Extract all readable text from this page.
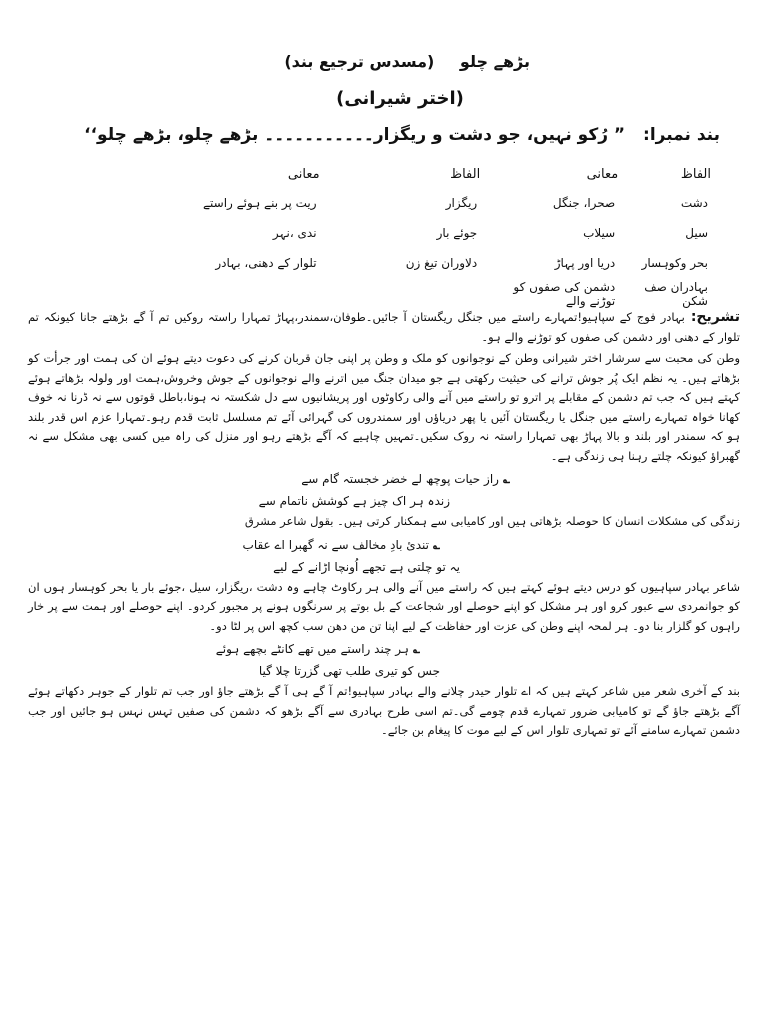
بڑھے چلو (مسدس ترجیع بند)
(اختر شیرانی)
بند نمبرا: ” رُکو نہیں، جو دشت و ریگزار۔۔۔۔۔۔۔۔۔۔۔ بڑھے چلو، بڑھے چلو‘‘
الفاظ	معانی	الفاظ	معانی
دشت	صحرا، جنگل	ریگزار	ریت پر بنے ہوئے راستے
سیل	سیلاب	جوئے بار	ندی ،نہر
بحر وکوہسار	دریا اور پہاڑ	دلاوران تیغ زن	تلوار کے دھنی، بہادر
بہادران صف شکن	دشمن کی صفوں کو توڑنے والے		

تشریح:بہادر فوج کے سپاہیو!تمہارے راستے میں جنگل ریگستان آ جائیں۔طوفان،سمندر،پہاڑ تمہارا راستہ روکیں تم آ گے بڑھتے جانا کیونکہ تم تلوار کے دھنی اور دشمن کی صفوں کو توڑنے والے ہو۔

وطن کی محبت سے سرشار اختر شیرانی وطن کے نوجوانوں کو ملک و وطن پر اپنی جان قربان کرنے کی دعوت دیتے ہوئے ان کی ہمت اور جرأت کو بڑھاتے ہیں۔ یہ نظم ایک پُر جوش ترانے کی حیثیت رکھتی ہے جو میدان جنگ میں اترنے والے نوجوانوں کے جوش وخروش،ہمت اور ولولہ بڑھاتے ہوئے کہتے ہیں کہ جب تم دشمن کے مقابلے پر اترو تو راستے میں آنے والی رکاوٹوں اور پریشانیوں سے دل شکستہ نہ ہونا،باطل قوتوں سے نہ ڈرنا نہ خوف کھانا خواہ تمہارے راستے میں جنگل یا ریگستان آئیں یا پھر دریاؤں اور سمندروں کی گہرائی آئے تم مسلسل ثابت قدم رہو۔تمہارا عزم اس قدر بلند ہو کہ سمندر اور بلند و بالا پہاڑ بھی تمہارا راستہ نہ روک سکیں۔تمہیں چاہیے کہ آگے بڑھتے رہو اور منزل کی راہ میں کسی بھی مشکل سے نہ گھبراؤ کیونکہ چلتے رہنا ہی زندگی ہے۔

؎راز حیات پوچھ لے خضر خجستہ گام سے

زندہ ہر اک چیز ہے کوشش ناتمام سے

زندگی کی مشکلات انسان کا حوصلہ بڑھاتی ہیں اور کامیابی سے ہمکنار کرتی ہیں۔ بقول شاعر مشرق

؎تندیٔ بادِ مخالف سے نہ گھبرا اے عقاب

یہ تو چلتی ہے تجھے اُونچا اڑانے کے لیے

شاعر بہادر سپاہیوں کو درس دیتے ہوئے کہتے ہیں کہ راستے میں آنے والی ہر رکاوٹ چاہے وہ دشت ،ریگزار، سیل ،جوئے بار یا بحر کوہسار ہوں ان کو جوانمردی سے عبور کرو اور ہر مشکل کو اپنے حوصلے اور شجاعت کے بل بوتے پر سرنگوں ہونے پر مجبور کردو۔ اپنے حوصلے اور ہمت سے پر خار راہوں کو گلزار بنا دو۔ ہر لمحہ اپنے وطن کی عزت اور حفاظت کے لیے اپنا تن من دھن سب کچھ اس پر لٹا دو۔

؎ہر چند راستے میں تھے کانٹے بچھے ہوئے

جس کو تیری طلب تھی گزرتا چلا گیا

بند کے آخری شعر میں شاعر کہتے ہیں کہ اے تلوار حیدر چلانے والے بہادر سپاہیو!تم آ گے ہی آ گے بڑھتے جاؤ اور جب تم تلوار کے جوہر دکھاتے ہوئے آگے بڑھتے جاؤ گے تو کامیابی ضرور تمہارے قدم چومے گی۔تم اسی طرح بہادری سے آگے بڑھو کہ دشمن کی صفیں تہس نہس ہو جائیں اور جب دشمن تمہارے سامنے آئے تو تمہاری تلوار اس کے لیے موت کا پیغام بن جائے۔
